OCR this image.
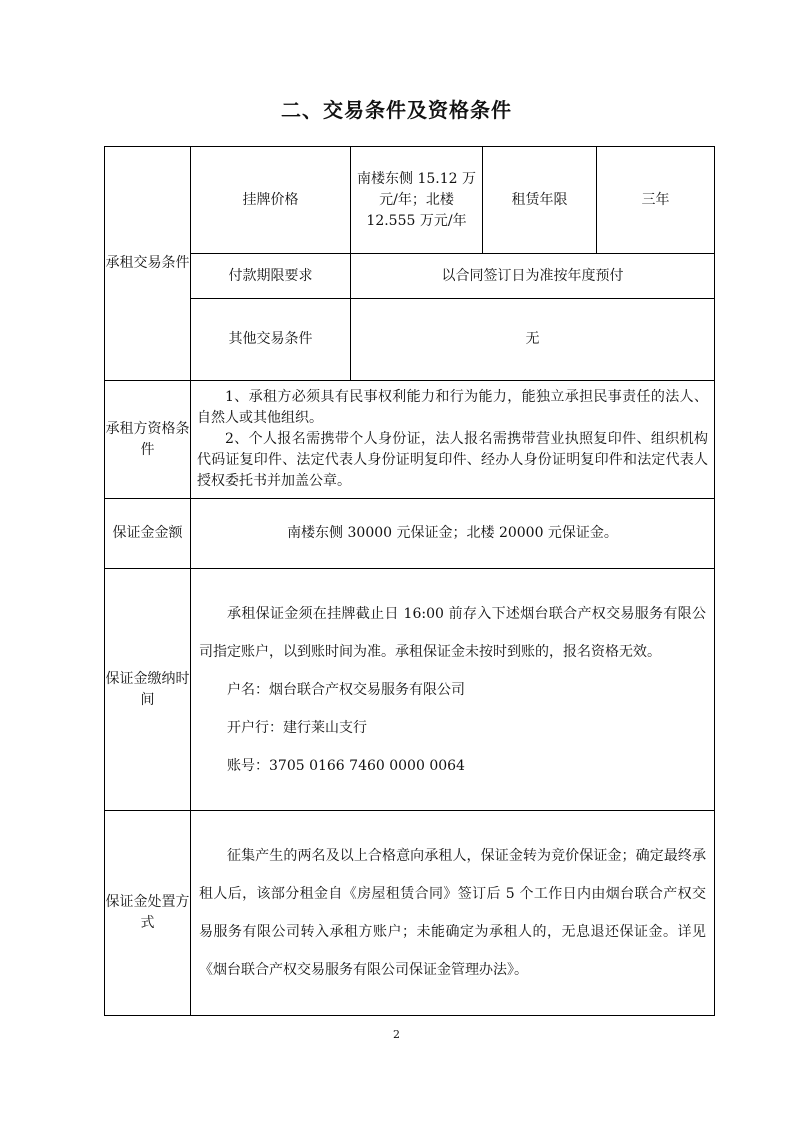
二、交易条件及资格条件
承租交易条件	挂牌价格	南楼东侧 15.12 万元/年；北楼 12.555 万元/年	租赁年限	三年
	付款期限要求	以合同签订日为准按年度预付		
	其他交易条件	无		
承租方资格条件	1、承租方必须具有民事权利能力和行为能力，能独立承担民事责任的法人、自然人或其他组织。

2、个人报名需携带个人身份证，法人报名需携带营业执照复印件、组织机构代码证复印件、法定代表人身份证明复印件、经办人身份证明复印件和法定代表人授权委托书并加盖公章。			

保证金金额	南楼东侧 30000 元保证金；北楼 20000 元保证金。			
保证金缴纳时间	承租保证金须在挂牌截止日 16:00 前存入下述烟台联合产权交易服务有限公司指定账户，以到账时间为准。承租保证金未按时到账的，报名资格无效。

户名：烟台联合产权交易服务有限公司

开户行：建行莱山支行

账号：3705 0166 7460 0000 0064			

保证金处置方式	征集产生的两名及以上合格意向承租人，保证金转为竞价保证金；确定最终承租人后，该部分租金自《房屋租赁合同》签订后 5 个工作日内由烟台联合产权交易服务有限公司转入承租方账户；未能确定为承租人的，无息退还保证金。详见《烟台联合产权交易服务有限公司保证金管理办法》。			

2
